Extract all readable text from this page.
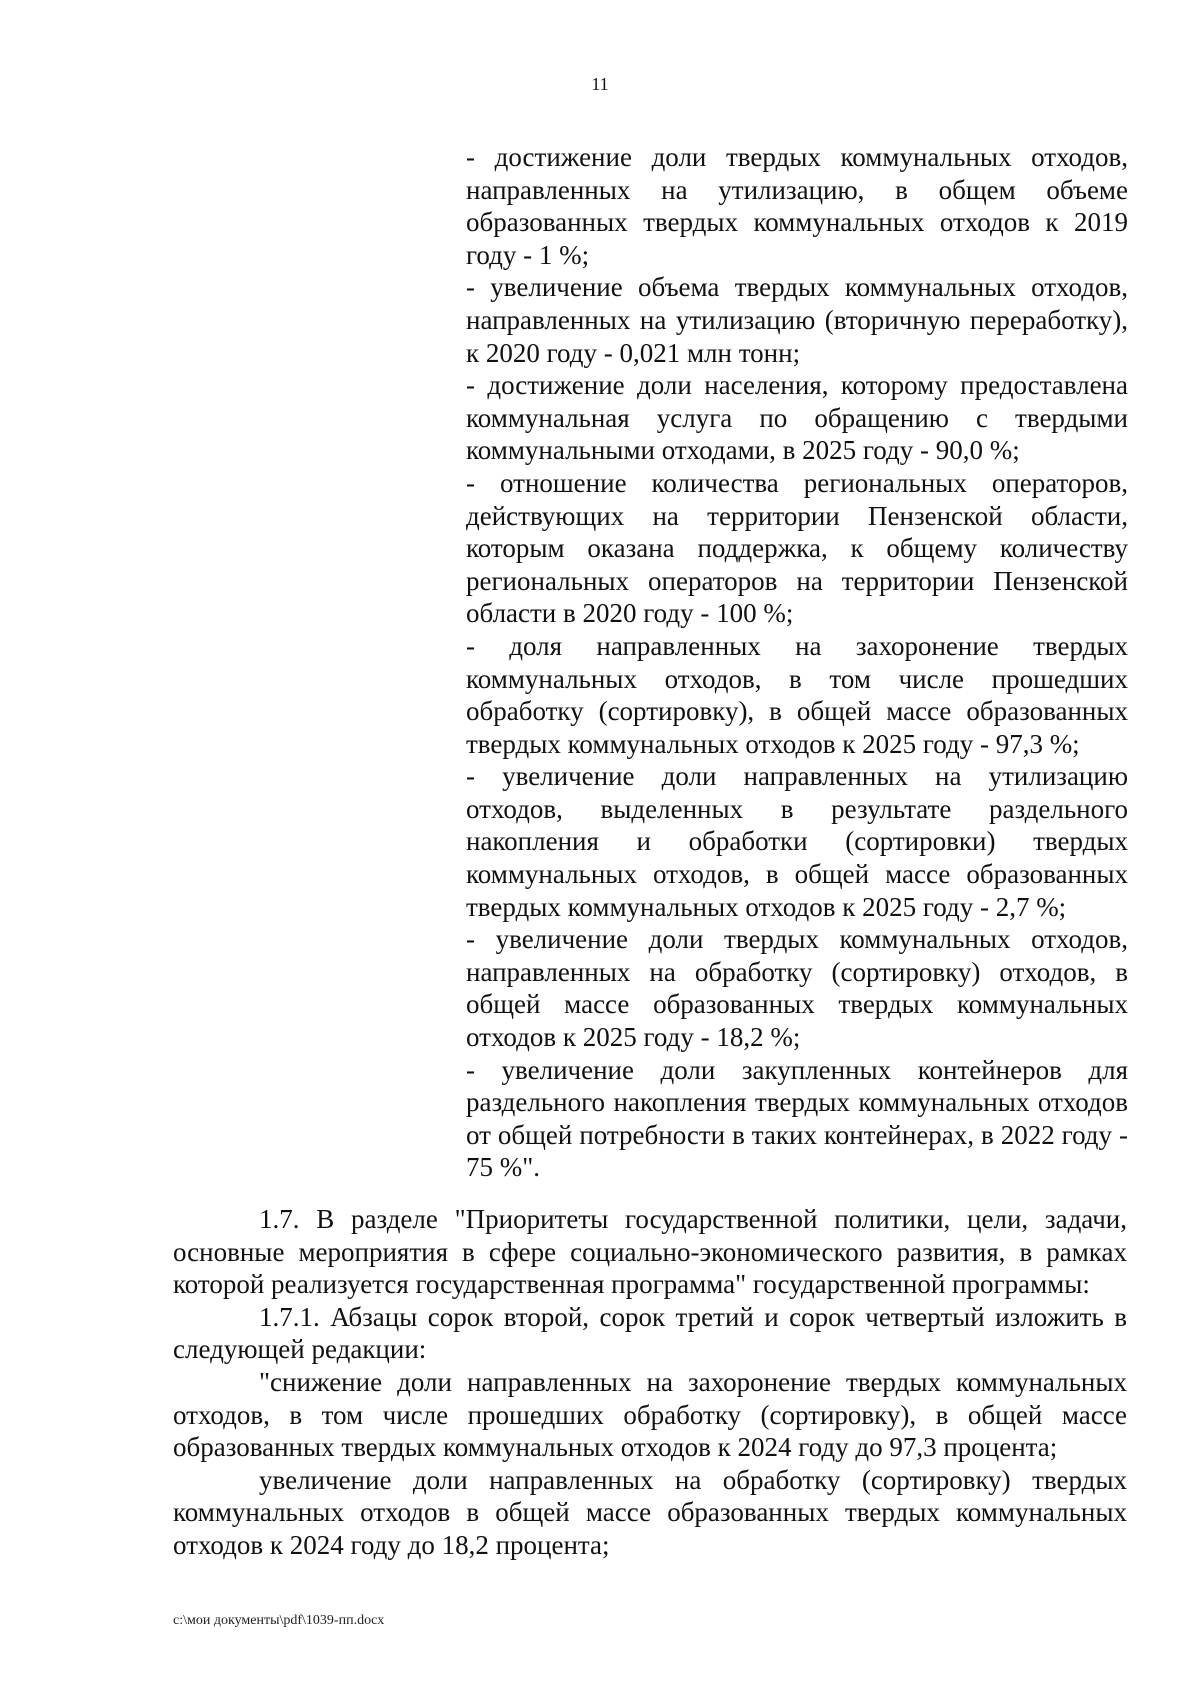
11

- достижение доли твердых коммунальных отходов, направленных на утилизацию, в общем объеме образованных твердых коммунальных отходов к 2019 году - 1 %;

- увеличение объема твердых коммунальных отходов, направленных на утилизацию (вторичную переработку), к 2020 году - 0,021 млн тонн;

- достижение доли населения, которому предоставлена коммунальная услуга по обращению с твердыми коммунальными отходами, в 2025 году - 90,0 %;

- отношение количества региональных операторов, действующих на территории Пензенской области, которым оказана поддержка, к общему количеству региональных операторов на территории Пензенской области в 2020 году - 100 %;

- доля направленных на захоронение твердых коммунальных отходов, в том числе прошедших обработку (сортировку), в общей массе образованных твердых коммунальных отходов к 2025 году - 97,3 %;

- увеличение доли направленных на утилизацию отходов, выделенных в результате раздельного накопления и обработки (сортировки) твердых коммунальных отходов, в общей массе образованных твердых коммунальных отходов к 2025 году - 2,7 %;

- увеличение доли твердых коммунальных отходов, направленных на обработку (сортировку) отходов, в общей массе образованных твердых коммунальных отходов к 2025 году - 18,2 %;

- увеличение доли закупленных контейнеров для раздельного накопления твердых коммунальных отходов от общей потребности в таких контейнерах, в 2022 году - 75 %".

1.7. В разделе "Приоритеты государственной политики, цели, задачи, основные мероприятия в сфере социально-экономического развития, в рамках которой реализуется государственная программа" государственной программы:

1.7.1. Абзацы сорок второй, сорок третий и сорок четвертый изложить в следующей редакции:

"снижение доли направленных на захоронение твердых коммунальных отходов, в том числе прошедших обработку (сортировку), в общей массе образованных твердых коммунальных отходов к 2024 году до 97,3 процента;

увеличение доли направленных на обработку (сортировку) твердых коммунальных отходов в общей массе образованных твердых коммунальных отходов к 2024 году до 18,2 процента;

c:\мои документы\pdf\1039-пп.docx
